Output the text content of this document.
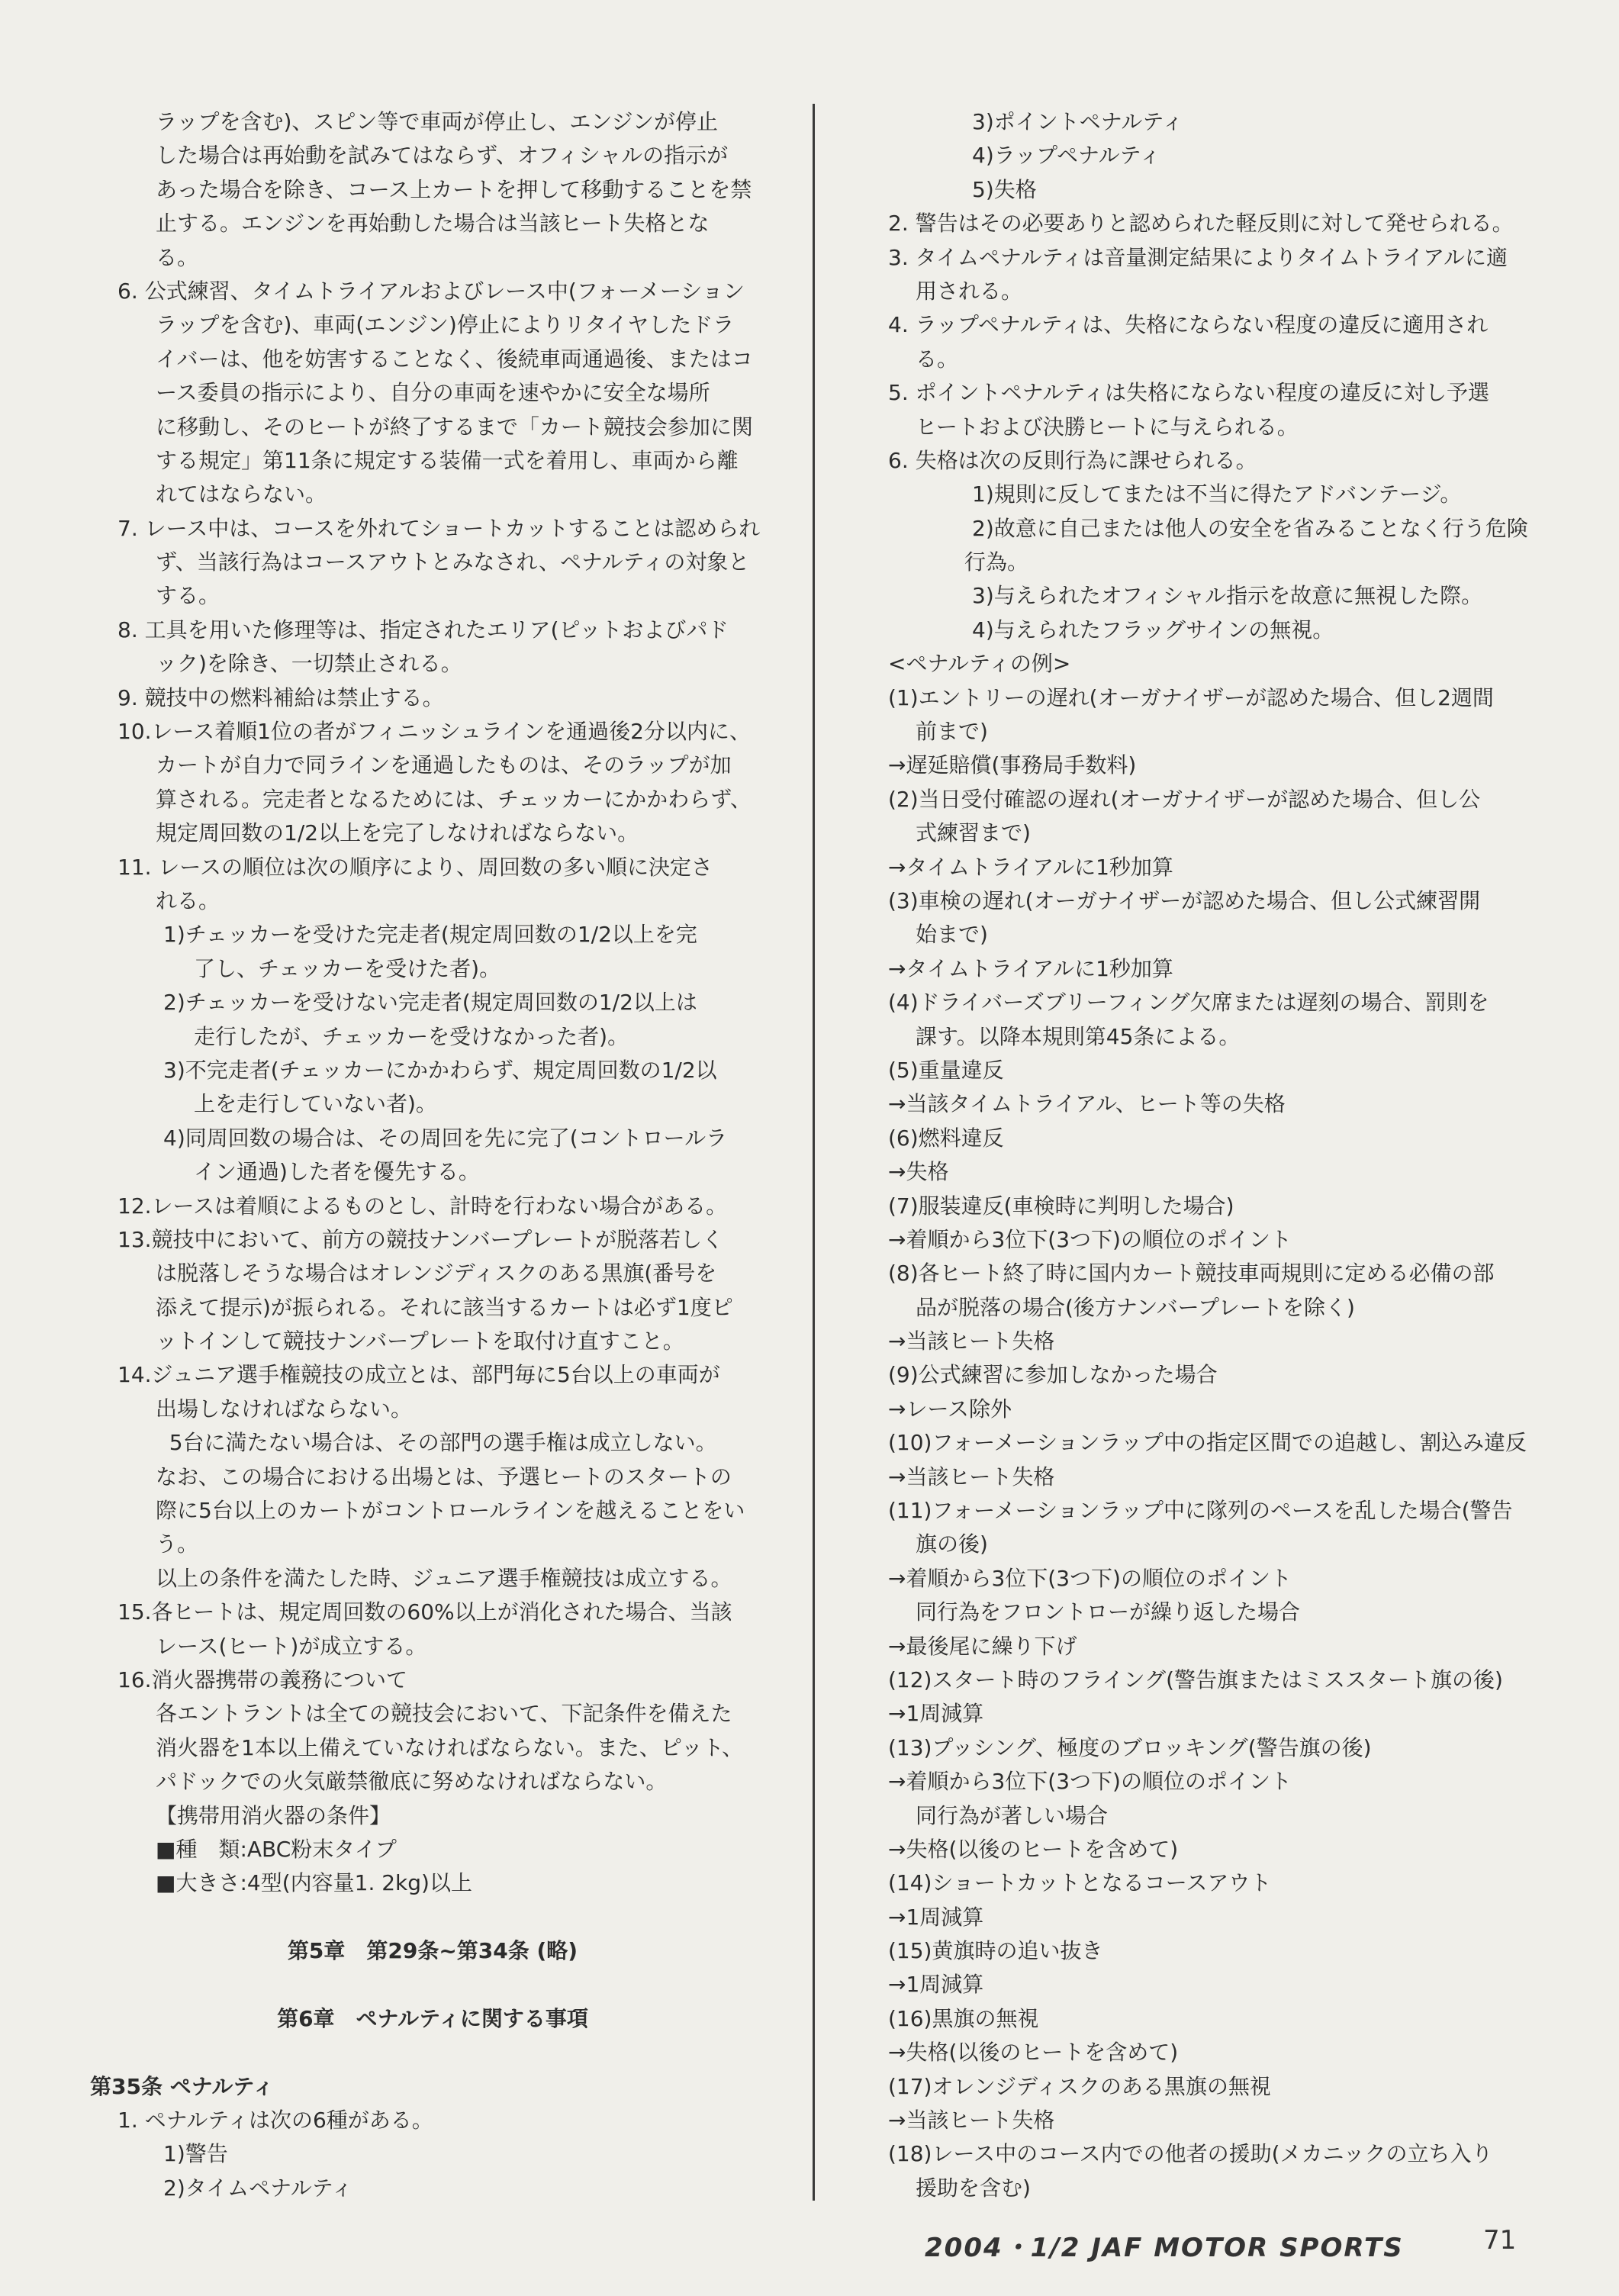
ラップを含む)、スピン等で車両が停止し、エンジンが停止
した場合は再始動を試みてはならず、オフィシャルの指示が
あった場合を除き、コース上カートを押して移動することを禁
止する。エンジンを再始動した場合は当該ヒート失格とな
る。
6. 公式練習、タイムトライアルおよびレース中(フォーメーション
ラップを含む)、車両(エンジン)停止によりリタイヤしたドラ
イバーは、他を妨害することなく、後続車両通過後、またはコ
ース委員の指示により、自分の車両を速やかに安全な場所
に移動し、そのヒートが終了するまで「カート競技会参加に関
する規定」第11条に規定する装備一式を着用し、車両から離
れてはならない。
7. レース中は、コースを外れてショートカットすることは認められ
ず、当該行為はコースアウトとみなされ、ペナルティの対象と
する。
8. 工具を用いた修理等は、指定されたエリア(ピットおよびパド
ック)を除き、一切禁止される。
9. 競技中の燃料補給は禁止する。
10.レース着順1位の者がフィニッシュラインを通過後2分以内に、
カートが自力で同ラインを通過したものは、そのラップが加
算される。完走者となるためには、チェッカーにかかわらず、
規定周回数の1/2以上を完了しなければならない。
11. レースの順位は次の順序により、周回数の多い順に決定さ
れる。
1)チェッカーを受けた完走者(規定周回数の1/2以上を完
了し、チェッカーを受けた者)。
2)チェッカーを受けない完走者(規定周回数の1/2以上は
走行したが、チェッカーを受けなかった者)。
3)不完走者(チェッカーにかかわらず、規定周回数の1/2以
上を走行していない者)。
4)同周回数の場合は、その周回を先に完了(コントロールラ
イン通過)した者を優先する。
12.レースは着順によるものとし、計時を行わない場合がある。
13.競技中において、前方の競技ナンバープレートが脱落若しく
は脱落しそうな場合はオレンジディスクのある黒旗(番号を
添えて提示)が振られる。それに該当するカートは必ず1度ピ
ットインして競技ナンバープレートを取付け直すこと。
14.ジュニア選手権競技の成立とは、部門毎に5台以上の車両が
出場しなければならない。
5台に満たない場合は、その部門の選手権は成立しない。
なお、この場合における出場とは、予選ヒートのスタートの
際に5台以上のカートがコントロールラインを越えることをい
う。
以上の条件を満たした時、ジュニア選手権競技は成立する。
15.各ヒートは、規定周回数の60%以上が消化された場合、当該
レース(ヒート)が成立する。
16.消火器携帯の義務について
各エントラントは全ての競技会において、下記条件を備えた
消火器を1本以上備えていなければならない。また、ピット、
パドックでの火気厳禁徹底に努めなければならない。
【携帯用消火器の条件】
■種　類:ABC粉末タイプ
■大きさ:4型(内容量1. 2kg)以上
第5章　第29条~第34条 (略)
第6章　ペナルティに関する事項
第35条 ペナルティ
1. ペナルティは次の6種がある。
1)警告
2)タイムペナルティ
3)ポイントペナルティ
4)ラップペナルティ
5)失格
2. 警告はその必要ありと認められた軽反則に対して発せられる。
3. タイムペナルティは音量測定結果によりタイムトライアルに適
用される。
4. ラップペナルティは、失格にならない程度の違反に適用され
る。
5. ポイントペナルティは失格にならない程度の違反に対し予選
ヒートおよび決勝ヒートに与えられる。
6. 失格は次の反則行為に課せられる。
1)規則に反してまたは不当に得たアドバンテージ。
2)故意に自己または他人の安全を省みることなく行う危険
行為。
3)与えられたオフィシャル指示を故意に無視した際。
4)与えられたフラッグサインの無視。
<ペナルティの例>
(1)エントリーの遅れ(オーガナイザーが認めた場合、但し2週間
前まで)
→遅延賠償(事務局手数料)
(2)当日受付確認の遅れ(オーガナイザーが認めた場合、但し公
式練習まで)
→タイムトライアルに1秒加算
(3)車検の遅れ(オーガナイザーが認めた場合、但し公式練習開
始まで)
→タイムトライアルに1秒加算
(4)ドライバーズブリーフィング欠席または遅刻の場合、罰則を
課す。以降本規則第45条による。
(5)重量違反
→当該タイムトライアル、ヒート等の失格
(6)燃料違反
→失格
(7)服装違反(車検時に判明した場合)
→着順から3位下(3つ下)の順位のポイント
(8)各ヒート終了時に国内カート競技車両規則に定める必備の部
品が脱落の場合(後方ナンバープレートを除く)
→当該ヒート失格
(9)公式練習に参加しなかった場合
→レース除外
(10)フォーメーションラップ中の指定区間での追越し、割込み違反
→当該ヒート失格
(11)フォーメーションラップ中に隊列のペースを乱した場合(警告
旗の後)
→着順から3位下(3つ下)の順位のポイント
同行為をフロントローが繰り返した場合
→最後尾に繰り下げ
(12)スタート時のフライング(警告旗またはミススタート旗の後)
→1周減算
(13)プッシング、極度のブロッキング(警告旗の後)
→着順から3位下(3つ下)の順位のポイント
同行為が著しい場合
→失格(以後のヒートを含めて)
(14)ショートカットとなるコースアウト
→1周減算
(15)黄旗時の追い抜き
→1周減算
(16)黒旗の無視
→失格(以後のヒートを含めて)
(17)オレンジディスクのある黒旗の無視
→当該ヒート失格
(18)レース中のコース内での他者の援助(メカニックの立ち入り
援助を含む)
2004・1/2 JAF MOTOR SPORTS	71
